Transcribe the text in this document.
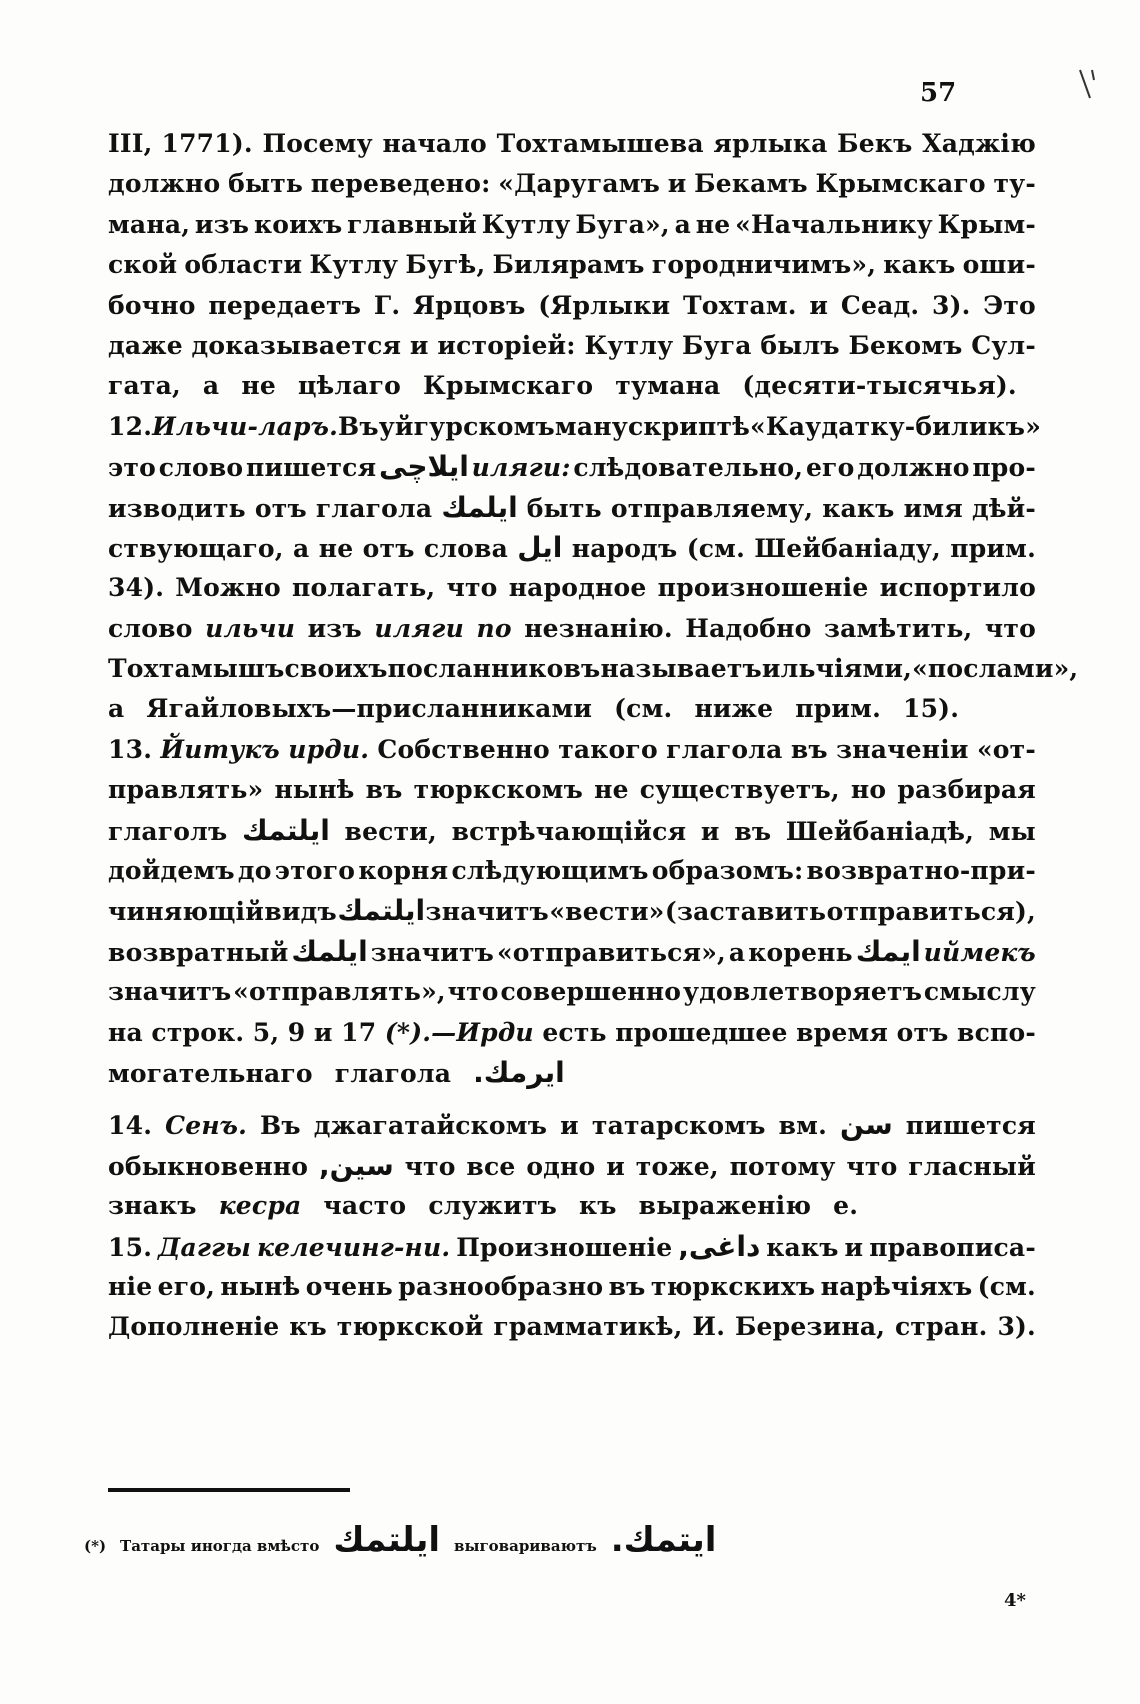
57
III, 1771). Посему начало Тохтамышева ярлыка Бекъ Хаджію
должно быть переведено: «Даругамъ и Бекамъ Крымскаго ту-
мана, изъ коихъ главный Кутлу Буга», а не «Начальнику Крым-
ской области Кутлу Бугѣ, Билярамъ городничимъ», какъ оши-
бочно передаетъ Г. Ярцовъ (Ярлыки Тохтам. и Сеад. 3). Это
даже доказывается и исторіей: Кутлу Буга былъ Бекомъ Сул-
гата, а не цѣлаго Крымскаго тумана (десяти-тысячья).
12. Ильчи-ларъ. Въ уйгурскомъ манускриптѣ «Каудатку-биликъ»
это слово пишется ايلاچى иляги: слѣдовательно, его должно про-
изводить отъ глагола ايلمك быть отправляему, какъ имя дѣй-
ствующаго, а не отъ слова ايل народъ (см. Шейбаніаду, прим.
34). Можно полагать, что народное произношеніе испортило
слово ильчи изъ иляги по незнанію. Надобно замѣтить, что
Тохтамышъ своихъ посланниковъ называетъ ильчіями, «послами»,
а Ягайловыхъ—присланниками (см. ниже прим. 15).
13. Йитукъ ирди. Собственно такого глагола въ значеніи «от-
правлять» нынѣ въ тюркскомъ не существуетъ, но разбирая
глаголъ ايلتمك вести, встрѣчающійся и въ Шейбаніадѣ, мы
дойдемъ до этого корня слѣдующимъ образомъ: возвратно-при-
чиняющій видъ ايلتمك значитъ «вести» (заставить отправиться),
возвратный ايلمك значитъ «отправиться», а корень ايمك иймекъ
значитъ «отправлять», что совершенно удовлетворяетъ смыслу
на строк. 5, 9 и 17 (*).—Ирди есть прошедшее время отъ вспо-
могательнаго глагола ايرمك.
14. Сенъ. Въ джагатайскомъ и татарскомъ вм. سن пишется
обыкновенно سين, что все одно и тоже, потому что гласный
знакъ кесра часто служитъ къ выраженію е.
15. Даггы келечинг-ни. Произношеніе داغى, какъ и правописа-
ніе его, нынѣ очень разнообразно въ тюркскихъ нарѣчіяхъ (см.
Дополненіе къ тюркской грамматикѣ, И. Березина, стран. 3).
(*) Татары иногда вмѣсто ايلتمك выговариваютъ ايتمك.
4*
